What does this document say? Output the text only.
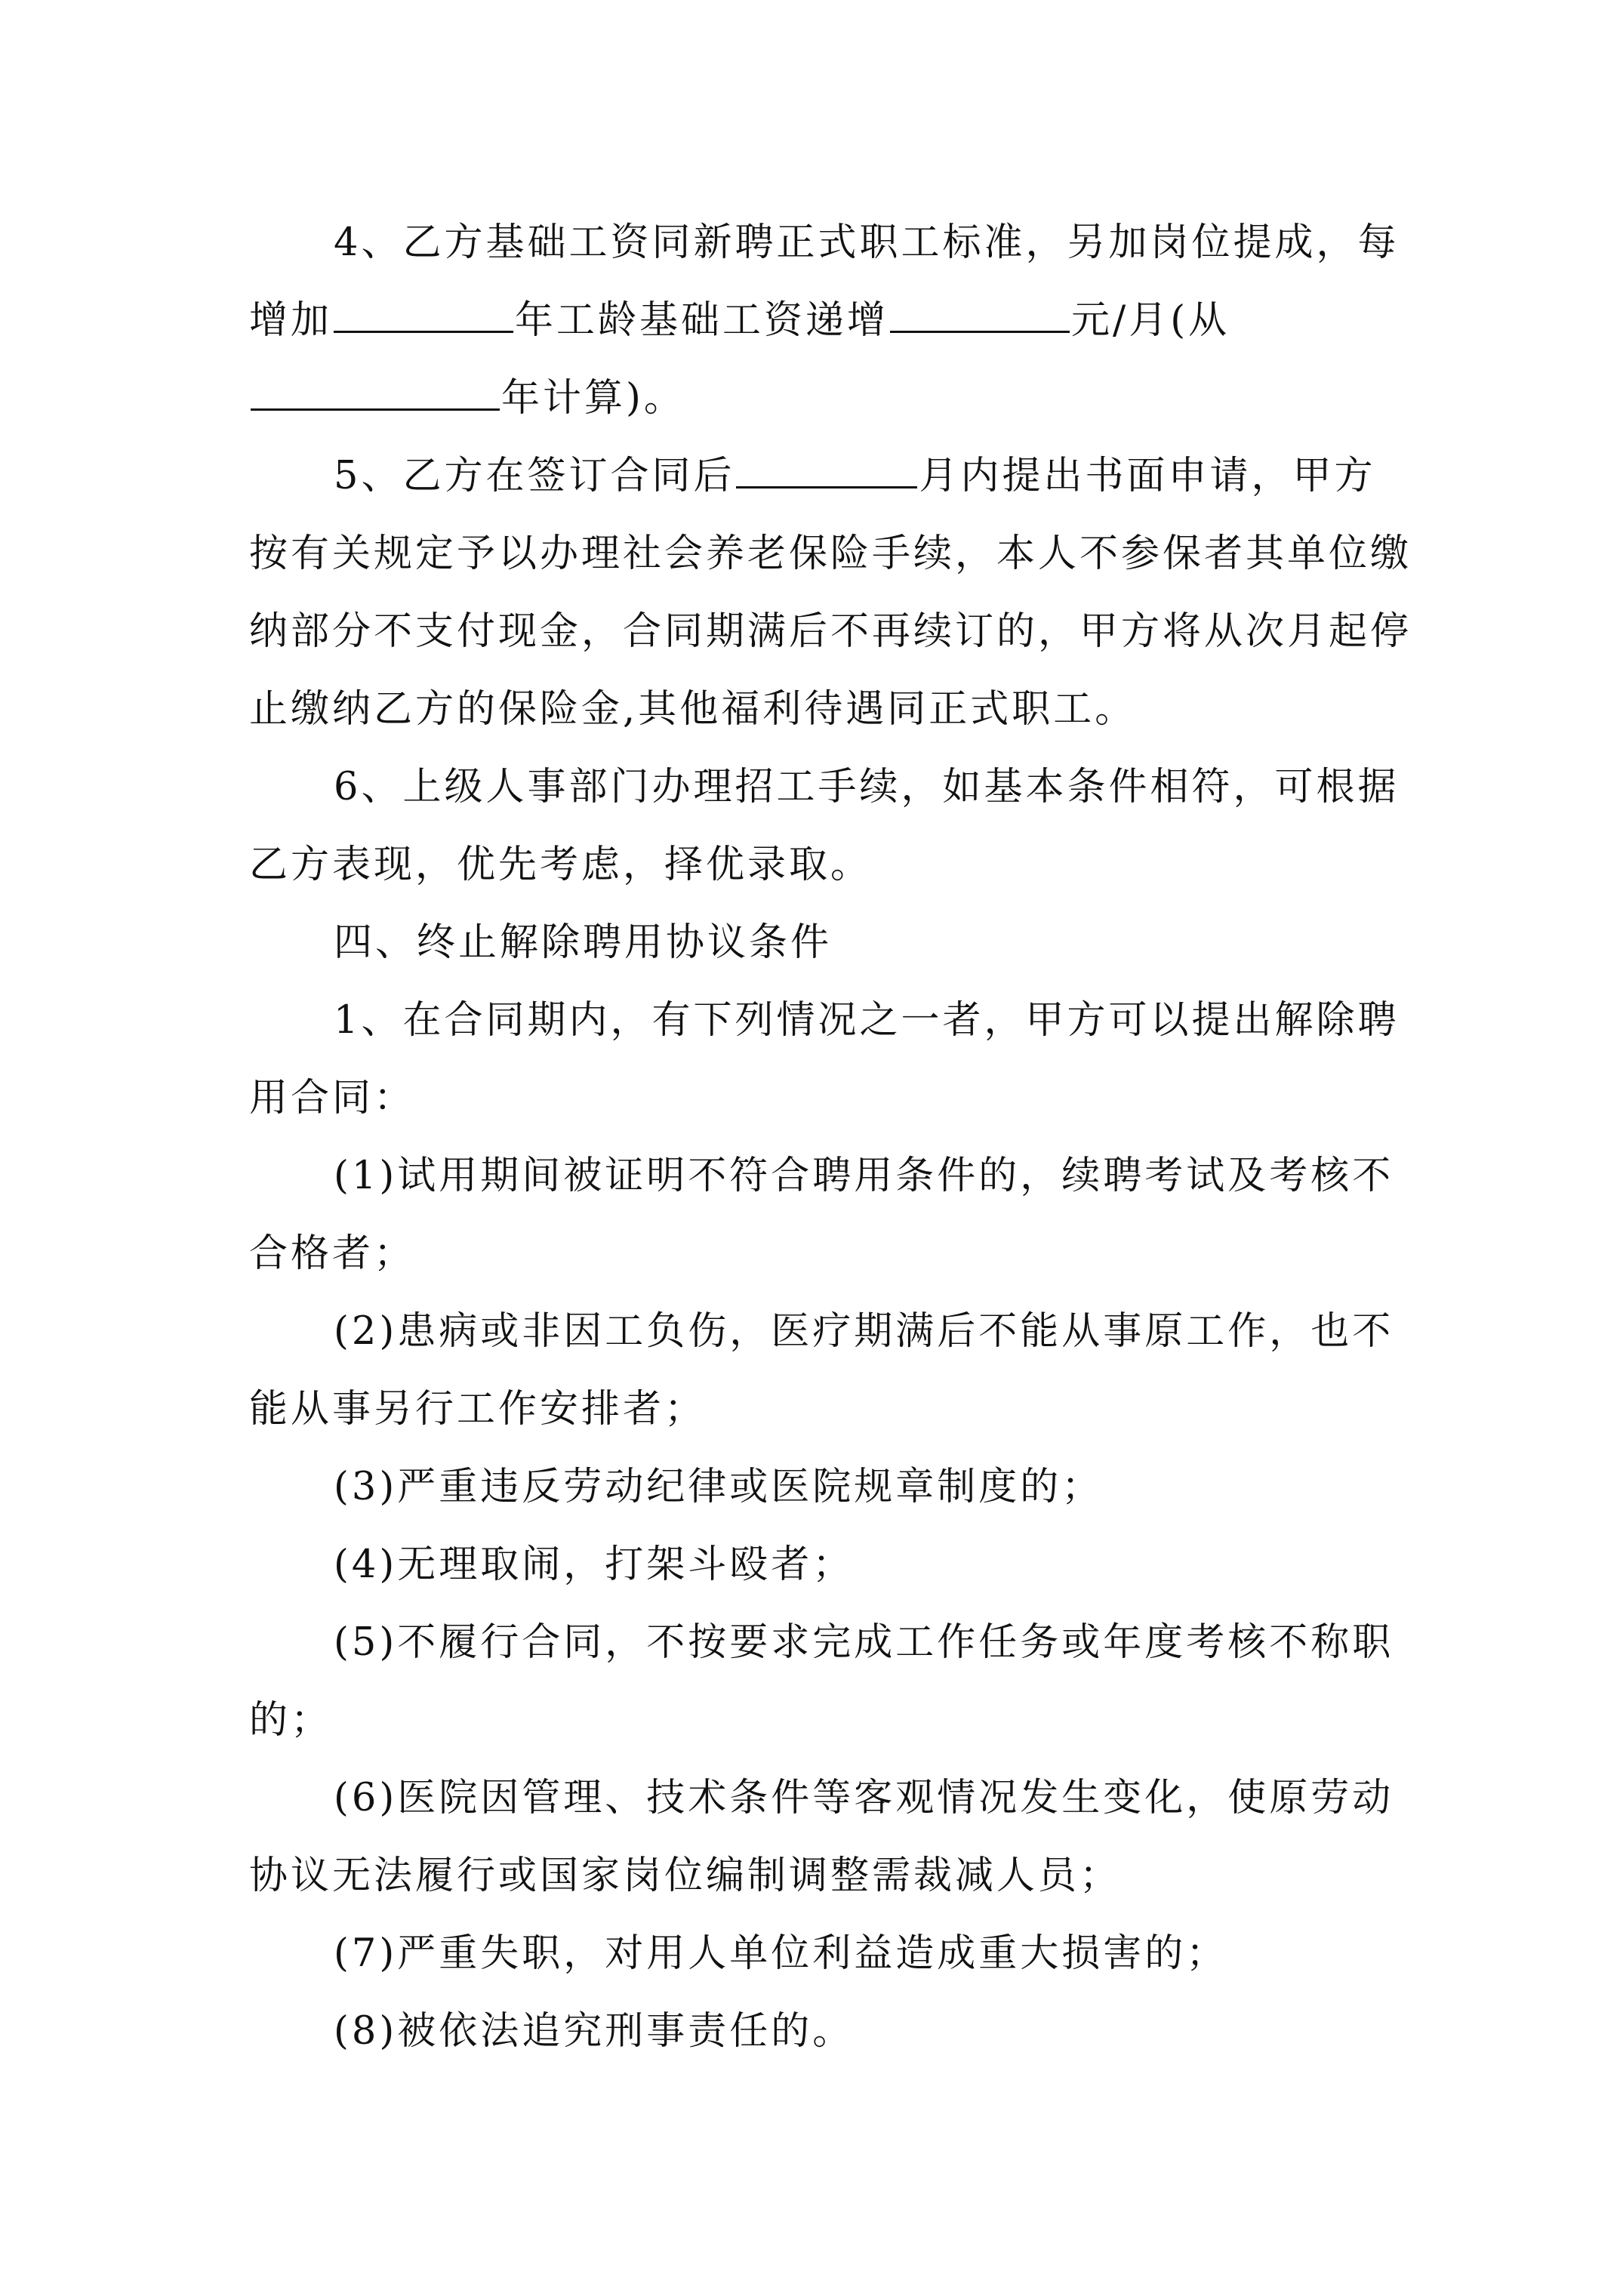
4、乙方基础工资同新聘正式职工标准，另加岗位提成，每增加	年工龄基础工资递增	元/月(从年计算)。

5、乙方在签订合同后	月内提出书面申请，甲方按有关规定予以办理社会养老保险手续，本人不参保者其单位缴纳部分不支付现金，合同期满后不再续订的，甲方将从次月起停止缴纳乙方的保险金,其他福利待遇同正式职工。

6、上级人事部门办理招工手续，如基本条件相符，可根据乙方表现，优先考虑，择优录取。

四、终止解除聘用协议条件

1、在合同期内，有下列情况之一者，甲方可以提出解除聘用合同：

(1)试用期间被证明不符合聘用条件的，续聘考试及考核不合格者；

(2)患病或非因工负伤，医疗期满后不能从事原工作，也不能从事另行工作安排者；

(3)严重违反劳动纪律或医院规章制度的；

(4)无理取闹，打架斗殴者；

(5)不履行合同，不按要求完成工作任务或年度考核不称职的；

(6)医院因管理、技术条件等客观情况发生变化，使原劳动协议无法履行或国家岗位编制调整需裁减人员；

(7)严重失职，对用人单位利益造成重大损害的；

(8)被依法追究刑事责任的。
